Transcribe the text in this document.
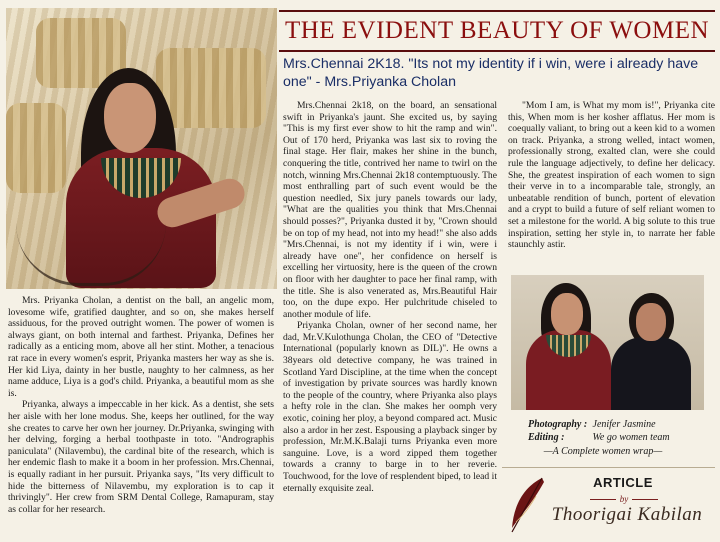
THE EVIDENT BEAUTY OF WOMEN
Mrs.Chennai 2K18. "Its not my identity if i win, were i already have one" - Mrs.Priyanka Cholan

Mrs. Priyanka Cholan, a dentist on the ball, an angelic mom, lovesome wife, gratified daughter, and so on, she makes herself assiduous, for the proved outright women. The power of women is always giant, on both internal and farthest. Priyanka, Defines her radically as a enticing mom, above all her stint. Mother, a tenacious rat race in every women's esprit, Priyanka masters her way as she is. Her kid Liya, dainty in her bustle, naughty to her calmness, as her name adduce, Liya is a god's child. Priyanka, a beautiful mom as she is.

Priyanka, always a impeccable in her kick. As a dentist, she sets her aisle with her lone modus. She, keeps her outlined, for the way she creates to carve her own her journey. Dr.Priyanka, swinging with her delving, forging a herbal toothpaste in toto. "Andrographis paniculata" (Nilavembu), the cardinal bite of the research, which is her endemic flash to make it a boom in her profession. Mrs.Chennai, is equally radiant in her pursuit. Priyanka says, "Its very difficult to hide the bitterness of Nilavembu, my exploration is to cap it thrivingly". Her crew from SRM Dental College, Ramapuram, stay as collar for her research.

Mrs.Chennai 2k18, on the board, an sensational swift in Priyanka's jaunt. She excited us, by saying "This is my first ever show to hit the ramp and win". Out of 170 herd, Priyanka was last six to roving the final stage. Her flair, makes her shine in the bunch, conquering the title, contrived her name to twirl on the notch, winning Mrs.Chennai 2k18 contemptuously. The most enthralling part of such event would be the question needled, Six jury panels towards our lady, "What are the qualities you think that Mrs.Chennai should posses?", Priyanka dusted it by, "Crown should be on top of my head, not into my head!" she also adds "Mrs.Chennai, is not my identity if i win, were i already have one", her confidence on herself is excelling her virtuosity, here is the queen of the crown on floor with her daughter to pace her final ramp, with the title. She is also venerated as, Mrs.Beautiful Hair too, on the dupe expo. Her pulchritude chiseled to another module of life.

Priyanka Cholan, owner of her second name, her dad, Mr.V.Kulothunga Cholan, the CEO of "Detective International (popularly known as DIL)". He owns a 38years old detective company, he was trained in Scotland Yard Discipline, at the time when the concept of investigation by private sources was hardly known to the people of the country, where Priyanka also plays a hefty role in the clan. She makes her oomph very exotic, coining her ploy, a beyond compared act. Music also a ardor in her zest. Espousing a playback singer by profession, Mr.M.K.Balaji turns Priyanka even more sanguine. Love, is a word zipped them together towards a cranny to barge in to her reverie. Touchwood, for the love of resplendent biped, to lead it eternally exquisite zeal.

"Mom I am, is What my mom is!", Priyanka cite this, When mom is her kosher afflatus. Her mom is coequally valiant, to bring out a keen kid to a women on track. Priyanka, a strong welled, intact women, professionally strong, exalted clan, were she could rule the language adjectively, to define her delicacy. She, the greatest inspiration of each women to sign their verve in to a incomparable tale, strongly, an unbeatable rendition of bunch, portent of elevation and a crypt to build a future of self reliant women to set a milestone for the world. A big solute to this true inspiration, setting her style in, to narrate her fable staunchly astir.

Photography : Jenifer Jasmine
Editing :	We go women team
—A Complete women wrap—
ARTICLE
by
Thoorigai Kabilan
